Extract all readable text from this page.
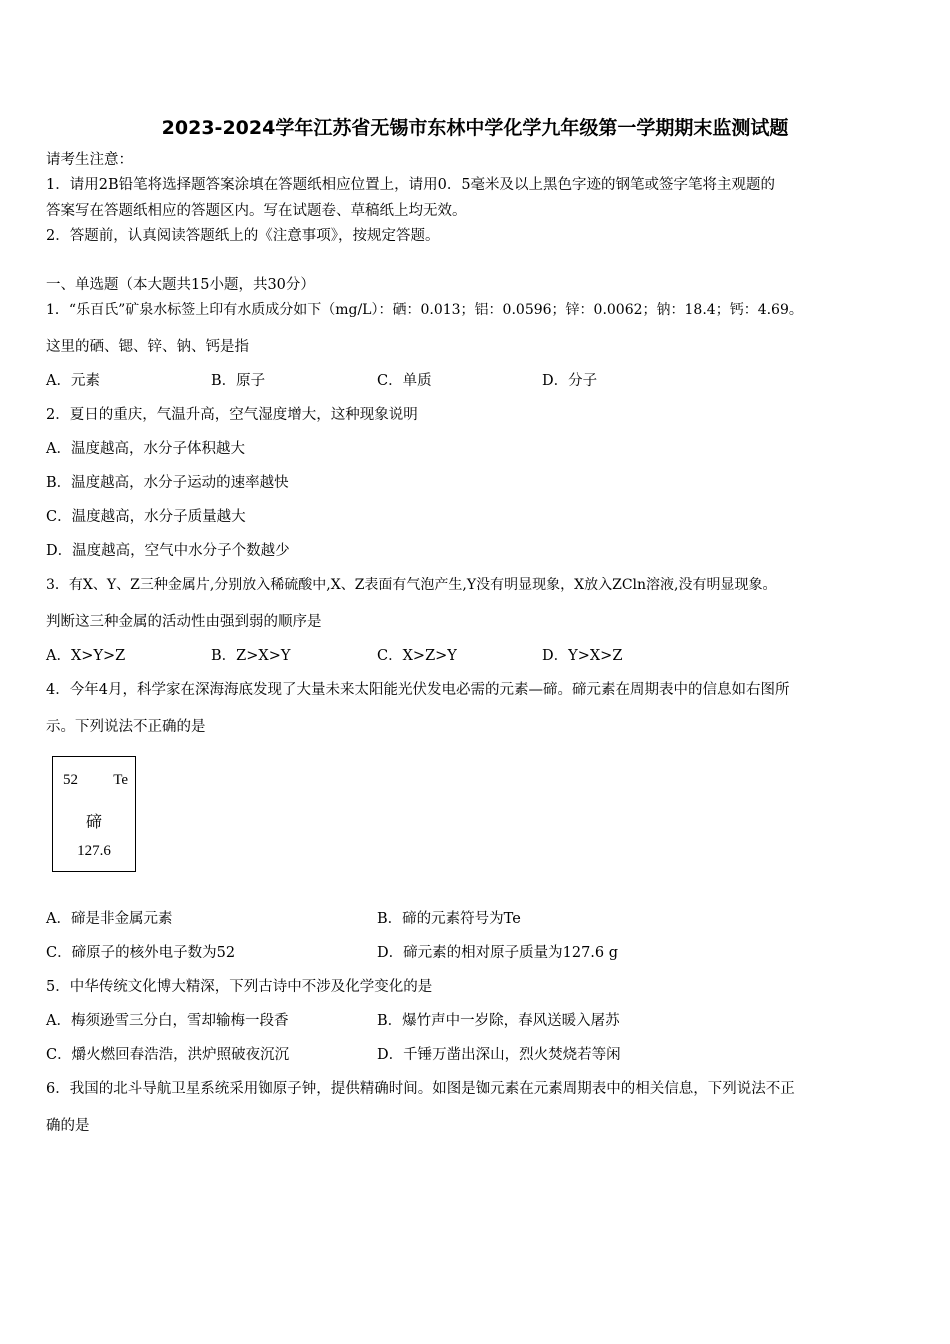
2023-2024学年江苏省无锡市东林中学化学九年级第一学期期末监测试题
请考生注意：
1．请用2B铅笔将选择题答案涂填在答题纸相应位置上，请用0．5毫米及以上黑色字迹的钢笔或签字笔将主观题的
答案写在答题纸相应的答题区内。写在试题卷、草稿纸上均无效。
2．答题前，认真阅读答题纸上的《注意事项》，按规定答题。
一、单选题（本大题共15小题，共30分）
1．“乐百氏”矿泉水标签上印有水质成分如下（mg/L）：硒：0.013；铝：0.0596；锌：0.0062；钠：18.4；钙：4.69。
这里的硒、锶、锌、钠、钙是指
A．元素	B．原子	C．单质	D．分子
2．夏日的重庆，气温升高，空气湿度增大，这种现象说明
A．温度越高，水分子体积越大
B．温度越高，水分子运动的速率越快
C．温度越高，水分子质量越大
D．温度越高，空气中水分子个数越少
3．有X、Y、Z三种金属片,分别放入稀硫酸中,X、Z表面有气泡产生,Y没有明显现象，X放入ZCln溶液,没有明显现象。
判断这三种金属的活动性由强到弱的顺序是
A．X>Y>Z	B．Z>X>Y	C．X>Z>Y	D．Y>X>Z
4．今年4月，科学家在深海海底发现了大量未来太阳能光伏发电必需的元素—碲。碲元素在周期表中的信息如右图所
示。下列说法不正确的是
52 Te
碲
127.6
A．碲是非金属元素	B．碲的元素符号为Te
C．碲原子的核外电子数为52	D．碲元素的相对原子质量为127.6 g
5．中华传统文化博大精深，下列古诗中不涉及化学变化的是
A．梅须逊雪三分白，雪却输梅一段香	B．爆竹声中一岁除，春风送暖入屠苏
C．爝火燃回春浩浩，洪炉照破夜沉沉	D．千锤万凿出深山，烈火焚烧若等闲
6．我国的北斗导航卫星系统采用铷原子钟，提供精确时间。如图是铷元素在元素周期表中的相关信息，下列说法不正
确的是
